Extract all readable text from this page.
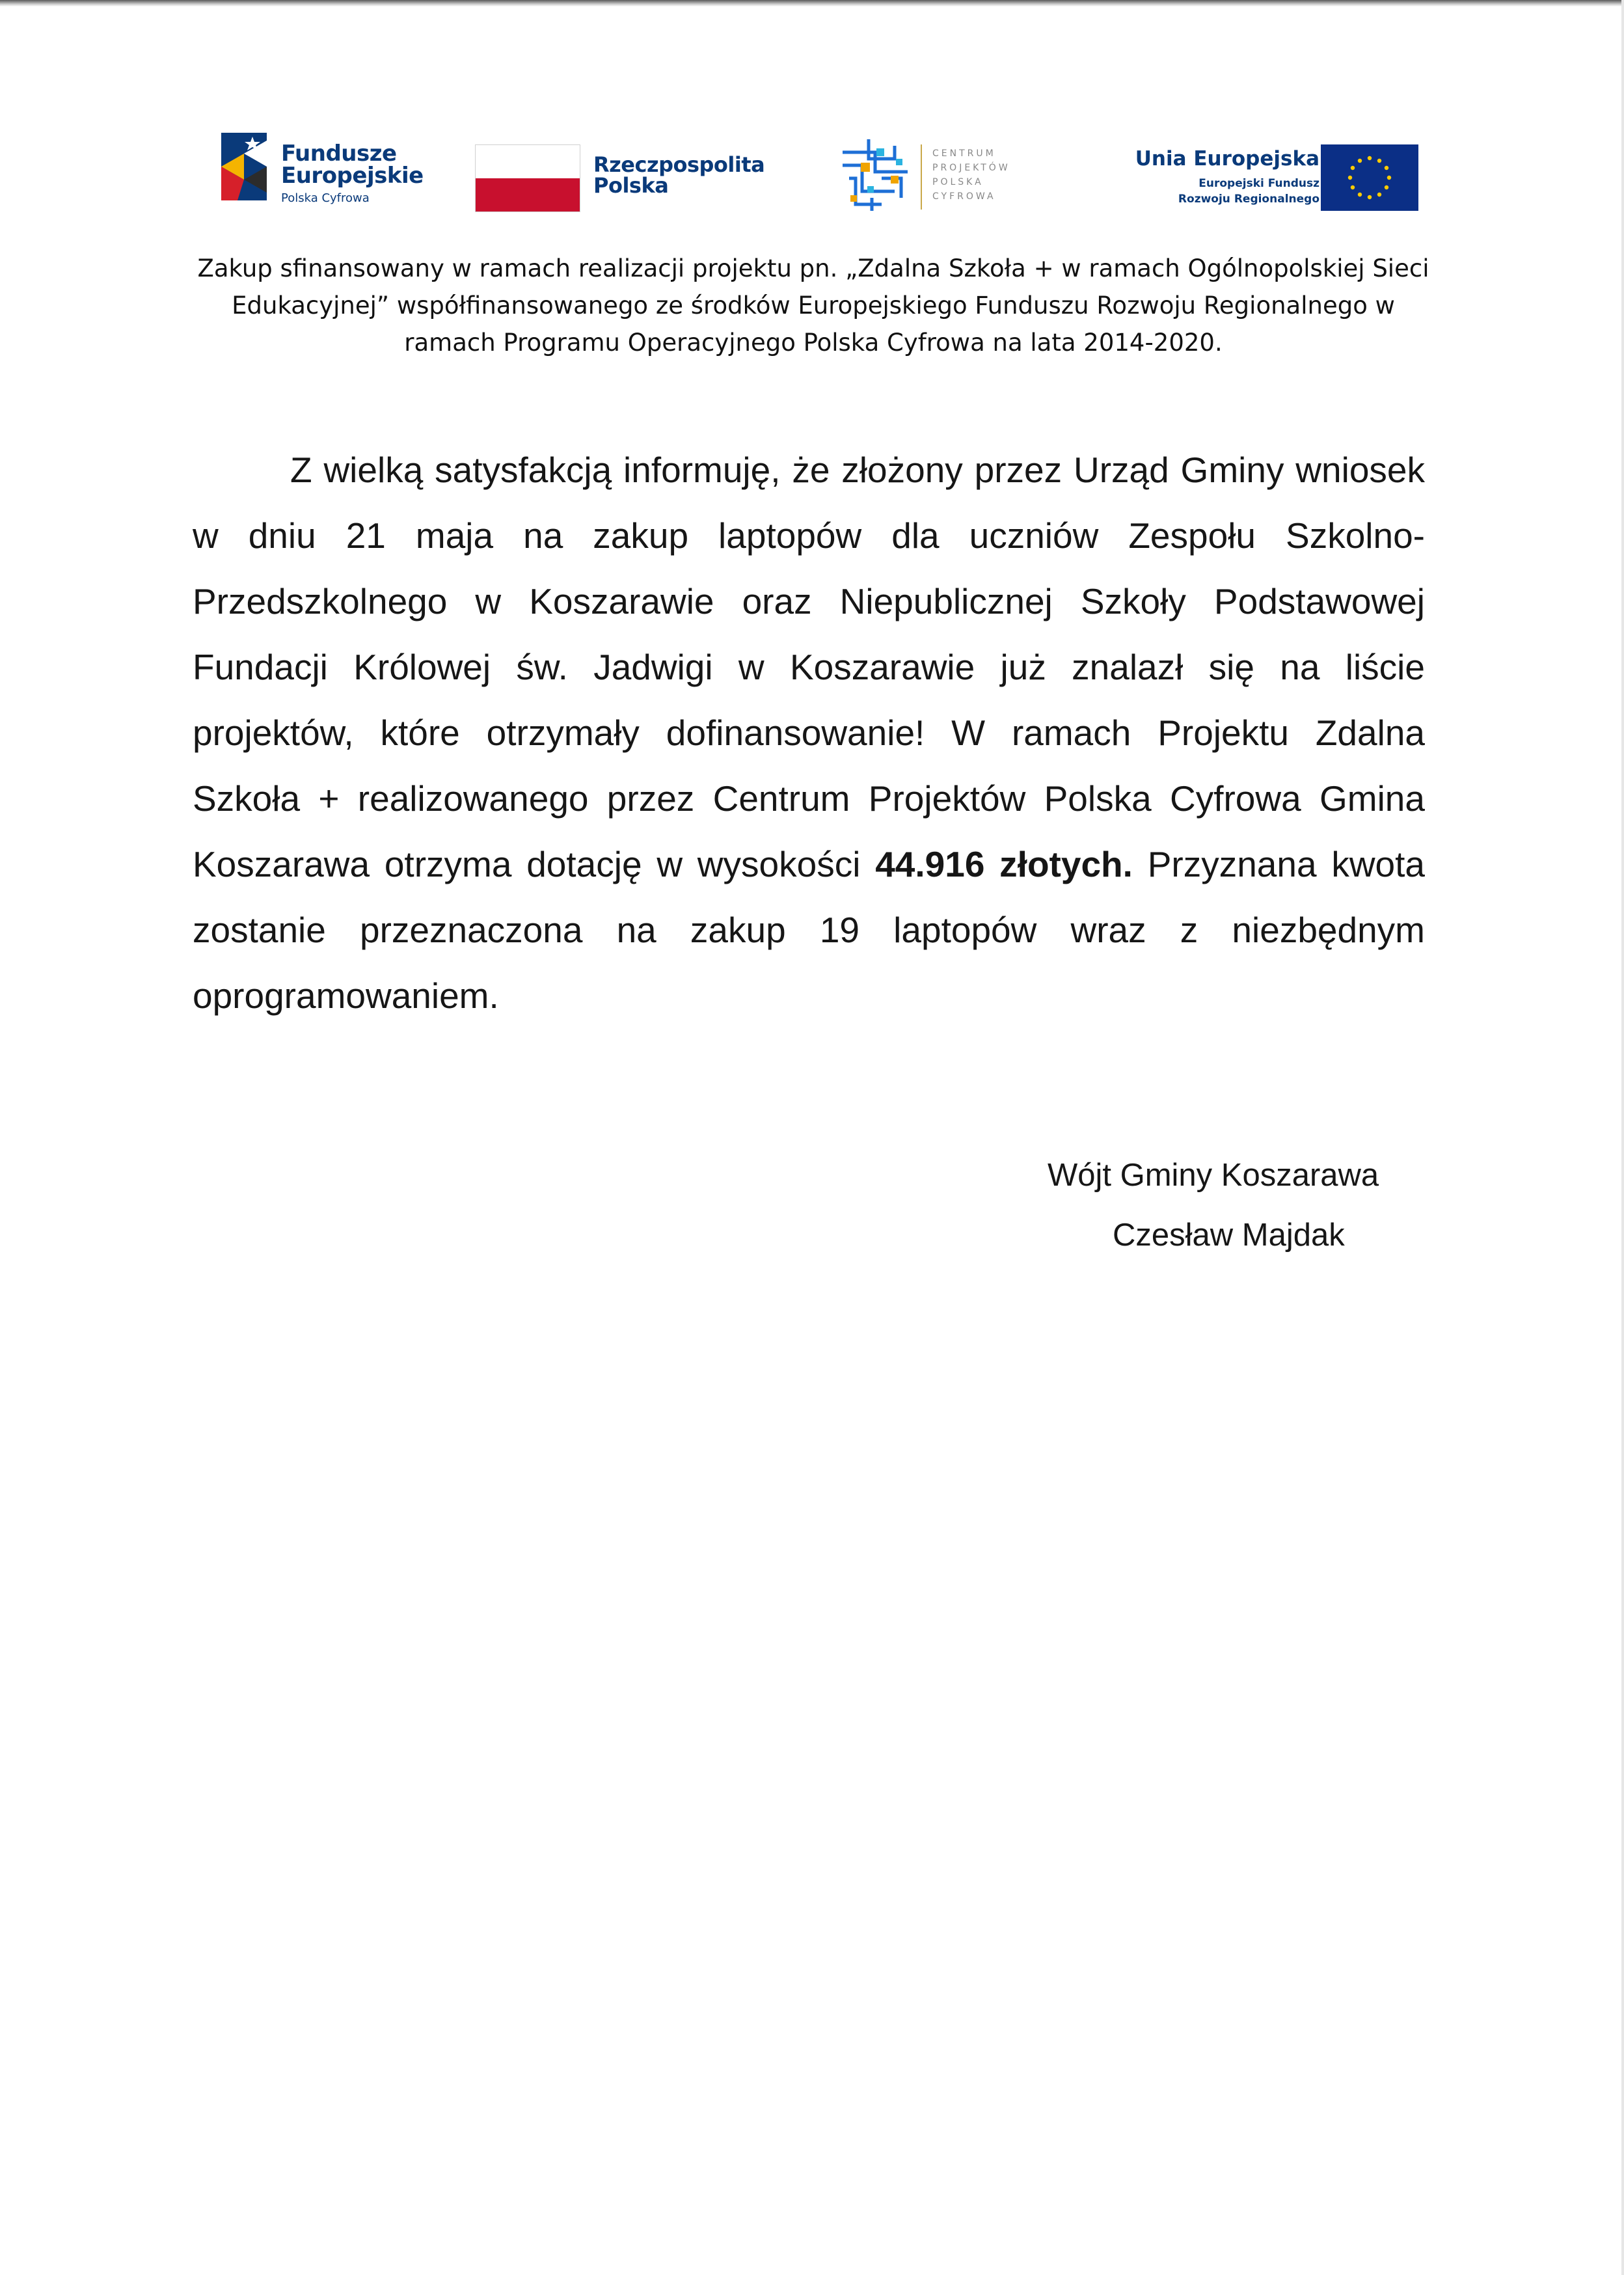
Fundusze
Europejskie
Polska Cyfrowa
Rzeczpospolita
Polska
CENTRUM
PROJEKTÓW
POLSKA
CYFROWA
Unia Europejska
Europejski Fundusz
Rozwoju Regionalnego
Zakup sfinansowany w ramach realizacji projektu pn. „Zdalna Szkoła + w ramach Ogólnopolskiej Sieci Edukacyjnej” współfinansowanego ze środków Europejskiego Funduszu Rozwoju Regionalnego w ramach Programu Operacyjnego Polska Cyfrowa na lata 2014-2020.
Z wielką satysfakcją informuję, że złożony przez Urząd Gminy wniosek w dniu 21 maja na zakup laptopów dla uczniów Zespołu Szkolno-Przedszkolnego w Koszarawie oraz Niepublicznej Szkoły Podstawowej Fundacji Królowej św. Jadwigi w Koszarawie już znalazł się na liście projektów, które otrzymały dofinansowanie! W ramach Projektu Zdalna Szkoła + realizowanego przez Centrum Projektów Polska Cyfrowa Gmina Koszarawa otrzyma dotację w wysokości 44.916 złotych. Przyznana kwota zostanie przeznaczona na zakup 19 laptopów wraz z niezbędnym oprogramowaniem.
Wójt Gminy Koszarawa
Czesław Majdak
